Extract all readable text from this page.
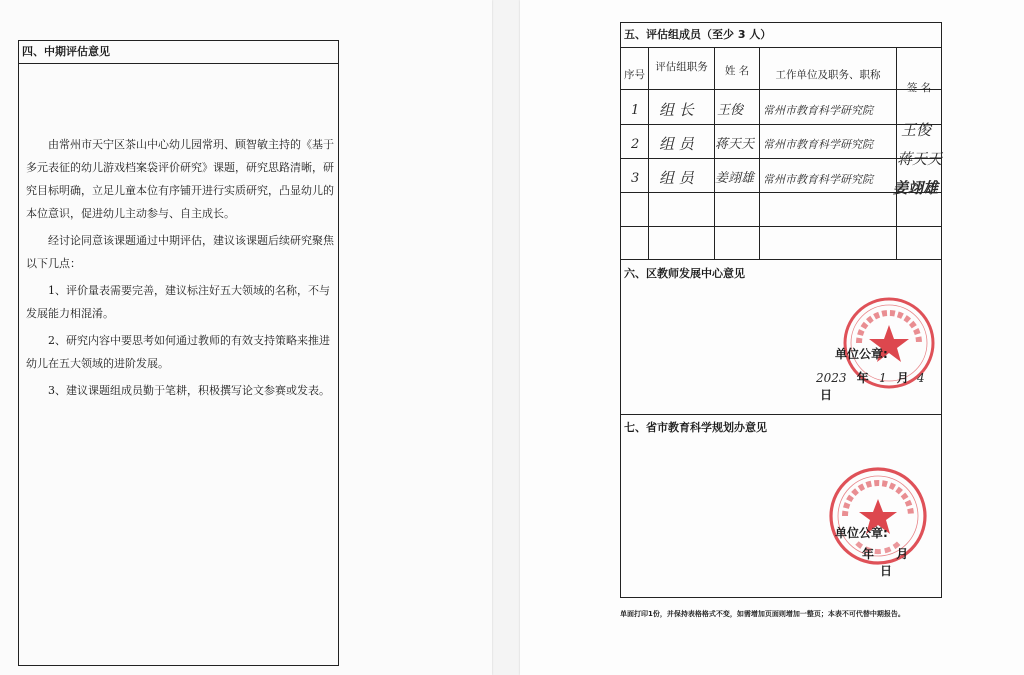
四、中期评估意见

由常州市天宁区茶山中心幼儿园常玥、顾智敏主持的《基于多元表征的幼儿游戏档案袋评价研究》课题，研究思路清晰，研究目标明确，立足儿童本位有序铺开进行实质研究，凸显幼儿的本位意识，促进幼儿主动参与、自主成长。

经讨论同意该课题通过中期评估，建议该课题后续研究聚焦以下几点：

1、评价量表需要完善，建议标注好五大领域的名称，不与发展能力相混淆。

2、研究内容中要思考如何通过教师的有效支持策略来推进幼儿在五大领域的进阶发展。

3、建议课题组成员勤于笔耕，积极撰写论文参赛或发表。

五、评估组成员（至少 3 人）
序号
评估组职务	姓 名	工作单位及职务、职称
签 名
1 组 长 王俊 常州市教育科学研究院
王俊
2 组 员 蒋天天 常州市教育科学研究院
蒋天天
3 组 员 姜翊雄 常州市教育科学研究院 姜翊雄
六、区教师发展中心意见
单位公章:
2023 年 1 月 4 日
七、省市教育科学规划办意见
单位公章:
年 月 日
单面打印1份，并保持表格格式不变，如需增加页面则增加一整页；本表不可代替中期报告。
